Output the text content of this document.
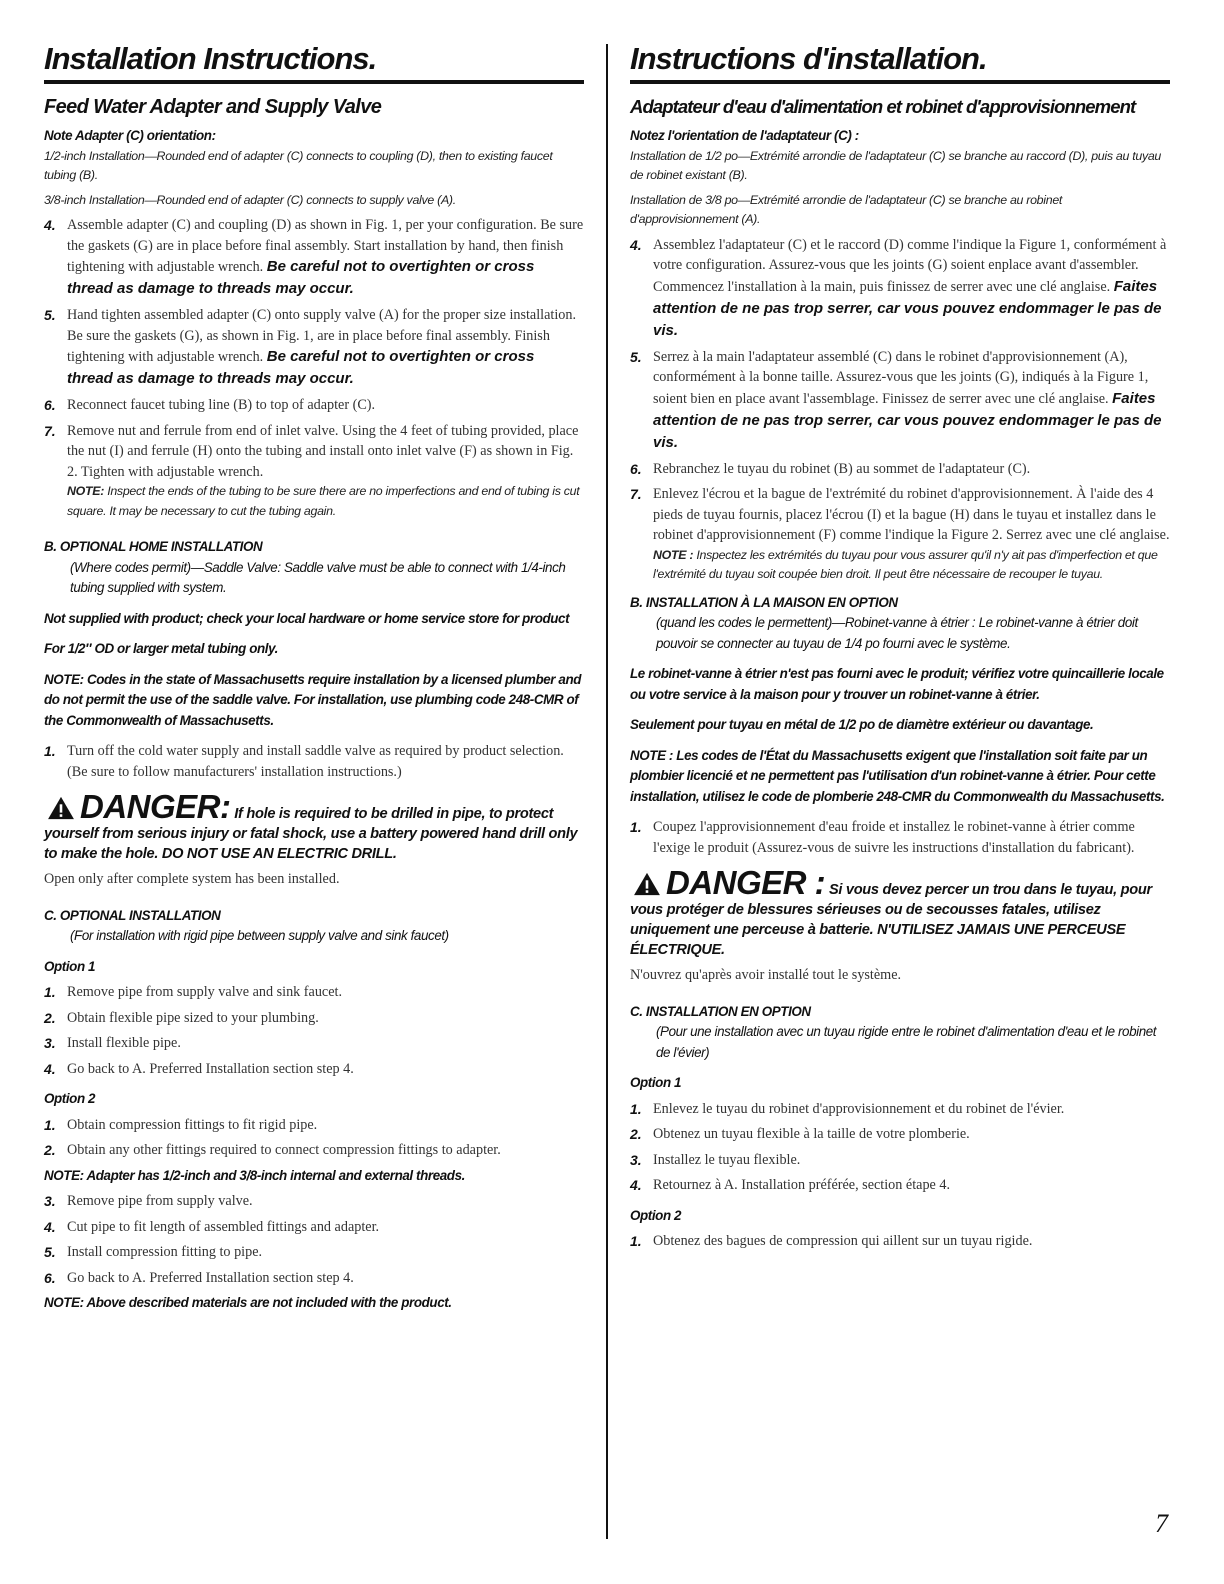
Installation Instructions.
Feed Water Adapter and Supply Valve

Note Adapter (C) orientation:

1/2-inch Installation—Rounded end of adapter (C) connects to coupling (D), then to existing faucet tubing (B).

3/8-inch Installation—Rounded end of adapter (C) connects to supply valve (A).

4. Assemble adapter (C) and coupling (D) as shown in Fig. 1, per your configuration. Be sure the gaskets (G) are in place before final assembly. Start installation by hand, then finish tightening with adjustable wrench. Be careful not to overtighten or cross thread as damage to threads may occur.
5. Hand tighten assembled adapter (C) onto supply valve (A) for the proper size installation. Be sure the gaskets (G), as shown in Fig. 1, are in place before final assembly. Finish tightening with adjustable wrench. Be careful not to overtighten or cross thread as damage to threads may occur.
6. Reconnect faucet tubing line (B) to top of adapter (C).
7. Remove nut and ferrule from end of inlet valve. Using the 4 feet of tubing provided, place the nut (I) and ferrule (H) onto the tubing and install onto inlet valve (F) as shown in Fig. 2. Tighten with adjustable wrench.
NOTE: Inspect the ends of the tubing to be sure there are no imperfections and end of tubing is cut square. It may be necessary to cut the tubing again.

B. OPTIONAL HOME INSTALLATION

(Where codes permit)—Saddle Valve: Saddle valve must be able to connect with 1/4-inch tubing supplied with system.

Not supplied with product; check your local hardware or home service store for product

For 1/2″ OD or larger metal tubing only.

NOTE: Codes in the state of Massachusetts require installation by a licensed plumber and do not permit the use of the saddle valve. For installation, use plumbing code 248-CMR of the Commonwealth of Massachusetts.

1. Turn off the cold water supply and install saddle valve as required by product selection. (Be sure to follow manufacturers' installation instructions.)
DANGER: If hole is required to be drilled in pipe, to protect yourself from serious injury or fatal shock, use a battery powered hand drill only to make the hole. DO NOT USE AN ELECTRIC DRILL.

Open only after complete system has been installed.

C. OPTIONAL INSTALLATION

(For installation with rigid pipe between supply valve and sink faucet)

Option 1

1. Remove pipe from supply valve and sink faucet.
2. Obtain flexible pipe sized to your plumbing.
3. Install flexible pipe.
4. Go back to A. Preferred Installation section step 4.

Option 2

1. Obtain compression fittings to fit rigid pipe.
2. Obtain any other fittings required to connect compression fittings to adapter.

NOTE: Adapter has 1/2-inch and 3/8-inch internal and external threads.

3. Remove pipe from supply valve.
4. Cut pipe to fit length of assembled fittings and adapter.
5. Install compression fitting to pipe.
6. Go back to A. Preferred Installation section step 4.

NOTE: Above described materials are not included with the product.

Instructions d'installation.
Adaptateur d'eau d'alimentation et robinet d'approvisionnement

Notez l'orientation de l'adaptateur (C) :

Installation de 1/2 po—Extrémité arrondie de l'adaptateur (C) se branche au raccord (D), puis au tuyau de robinet existant (B).

Installation de 3/8 po—Extrémité arrondie de l'adaptateur (C) se branche au robinet d'approvisionnement (A).

4. Assemblez l'adaptateur (C) et le raccord (D) comme l'indique la Figure 1, conformément à votre configuration. Assurez-vous que les joints (G) soient enplace avant d'assembler. Commencez l'installation à la main, puis finissez de serrer avec une clé anglaise. Faites attention de ne pas trop serrer, car vous pouvez endommager le pas de vis.
5. Serrez à la main l'adaptateur assemblé (C) dans le robinet d'approvisionnement (A), conformément à la bonne taille. Assurez-vous que les joints (G), indiqués à la Figure 1, soient bien en place avant l'assemblage. Finissez de serrer avec une clé anglaise. Faites attention de ne pas trop serrer, car vous pouvez endommager le pas de vis.
6. Rebranchez le tuyau du robinet (B) au sommet de l'adaptateur (C).
7. Enlevez l'écrou et la bague de l'extrémité du robinet d'approvisionnement. À l'aide des 4 pieds de tuyau fournis, placez l'écrou (I) et la bague (H) dans le tuyau et installez dans le robinet d'approvisionnement (F) comme l'indique la Figure 2. Serrez avec une clé anglaise.
NOTE : Inspectez les extrémités du tuyau pour vous assurer qu'il n'y ait pas d'imperfection et que l'extrémité du tuyau soit coupée bien droit. Il peut être nécessaire de recouper le tuyau.

B. INSTALLATION À LA MAISON EN OPTION

(quand les codes le permettent)—Robinet-vanne à étrier : Le robinet-vanne à étrier doit pouvoir se connecter au tuyau de 1/4 po fourni avec le système.

Le robinet-vanne à étrier n'est pas fourni avec le produit; vérifiez votre quincaillerie locale ou votre service à la maison pour y trouver un robinet-vanne à étrier.

Seulement pour tuyau en métal de 1/2 po de diamètre extérieur ou davantage.

NOTE : Les codes de l'État du Massachusetts exigent que l'installation soit faite par un plombier licencié et ne permettent pas l'utilisation d'un robinet-vanne à étrier. Pour cette installation, utilisez le code de plomberie 248-CMR du Commonwealth du Massachusetts.

1. Coupez l'approvisionnement d'eau froide et installez le robinet-vanne à étrier comme l'exige le produit (Assurez-vous de suivre les instructions d'installation du fabricant).
DANGER : Si vous devez percer un trou dans le tuyau, pour vous protéger de blessures sérieuses ou de secousses fatales, utilisez uniquement une perceuse à batterie. N'UTILISEZ JAMAIS UNE PERCEUSE ÉLECTRIQUE.

N'ouvrez qu'après avoir installé tout le système.

C. INSTALLATION EN OPTION

(Pour une installation avec un tuyau rigide entre le robinet d'alimentation d'eau et le robinet de l'évier)

Option 1

1. Enlevez le tuyau du robinet d'approvisionnement et du robinet de l'évier.
2. Obtenez un tuyau flexible à la taille de votre plomberie.
3. Installez le tuyau flexible.
4. Retournez à A. Installation préférée, section étape 4.

Option 2

1. Obtenez des bagues de compression qui aillent sur un tuyau rigide.
7
